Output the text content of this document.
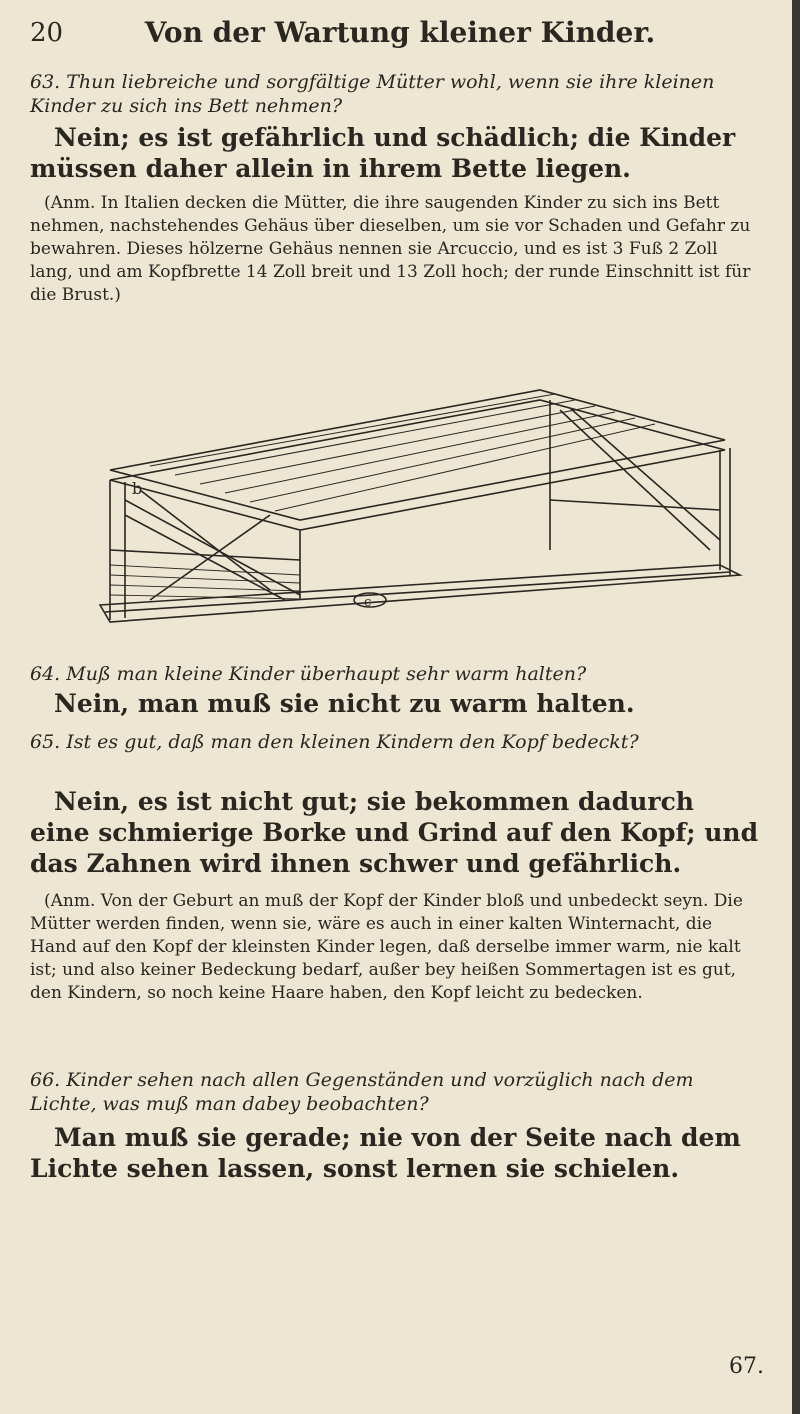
20	Von der Wartung kleiner Kinder.

63. Thun liebreiche und sorgfältige Mütter wohl, wenn sie ihre kleinen Kinder zu sich ins Bett nehmen?

Nein; es ist gefährlich und schädlich; die Kinder müssen daher allein in ihrem Bette liegen.

(Anm. In Italien decken die Mütter, die ihre saugenden Kinder zu sich ins Bett nehmen, nachstehendes Gehäus über dieselben, um sie vor Schaden und Gefahr zu bewahren. Dieses hölzerne Gehäus nennen sie Arcuccio, und es ist 3 Fuß 2 Zoll lang, und am Kopfbrette 14 Zoll breit und 13 Zoll hoch; der runde Einschnitt ist für die Brust.)

b
c

64. Muß man kleine Kinder überhaupt sehr warm halten?

Nein, man muß sie nicht zu warm halten.

65. Ist es gut, daß man den kleinen Kindern den Kopf bedeckt?

Nein, es ist nicht gut; sie bekommen dadurch eine schmierige Borke und Grind auf den Kopf; und das Zahnen wird ihnen schwer und gefährlich.

(Anm. Von der Geburt an muß der Kopf der Kinder bloß und unbedeckt seyn. Die Mütter werden finden, wenn sie, wäre es auch in einer kalten Winternacht, die Hand auf den Kopf der kleinsten Kinder legen, daß derselbe immer warm, nie kalt ist; und also keiner Bedeckung bedarf, außer bey heißen Sommertagen ist es gut, den Kindern, so noch keine Haare haben, den Kopf leicht zu bedecken.

66. Kinder sehen nach allen Gegenständen und vorzüglich nach dem Lichte, was muß man dabey beobachten?

Man muß sie gerade; nie von der Seite nach dem Lichte sehen lassen, sonst lernen sie schielen.

67.
